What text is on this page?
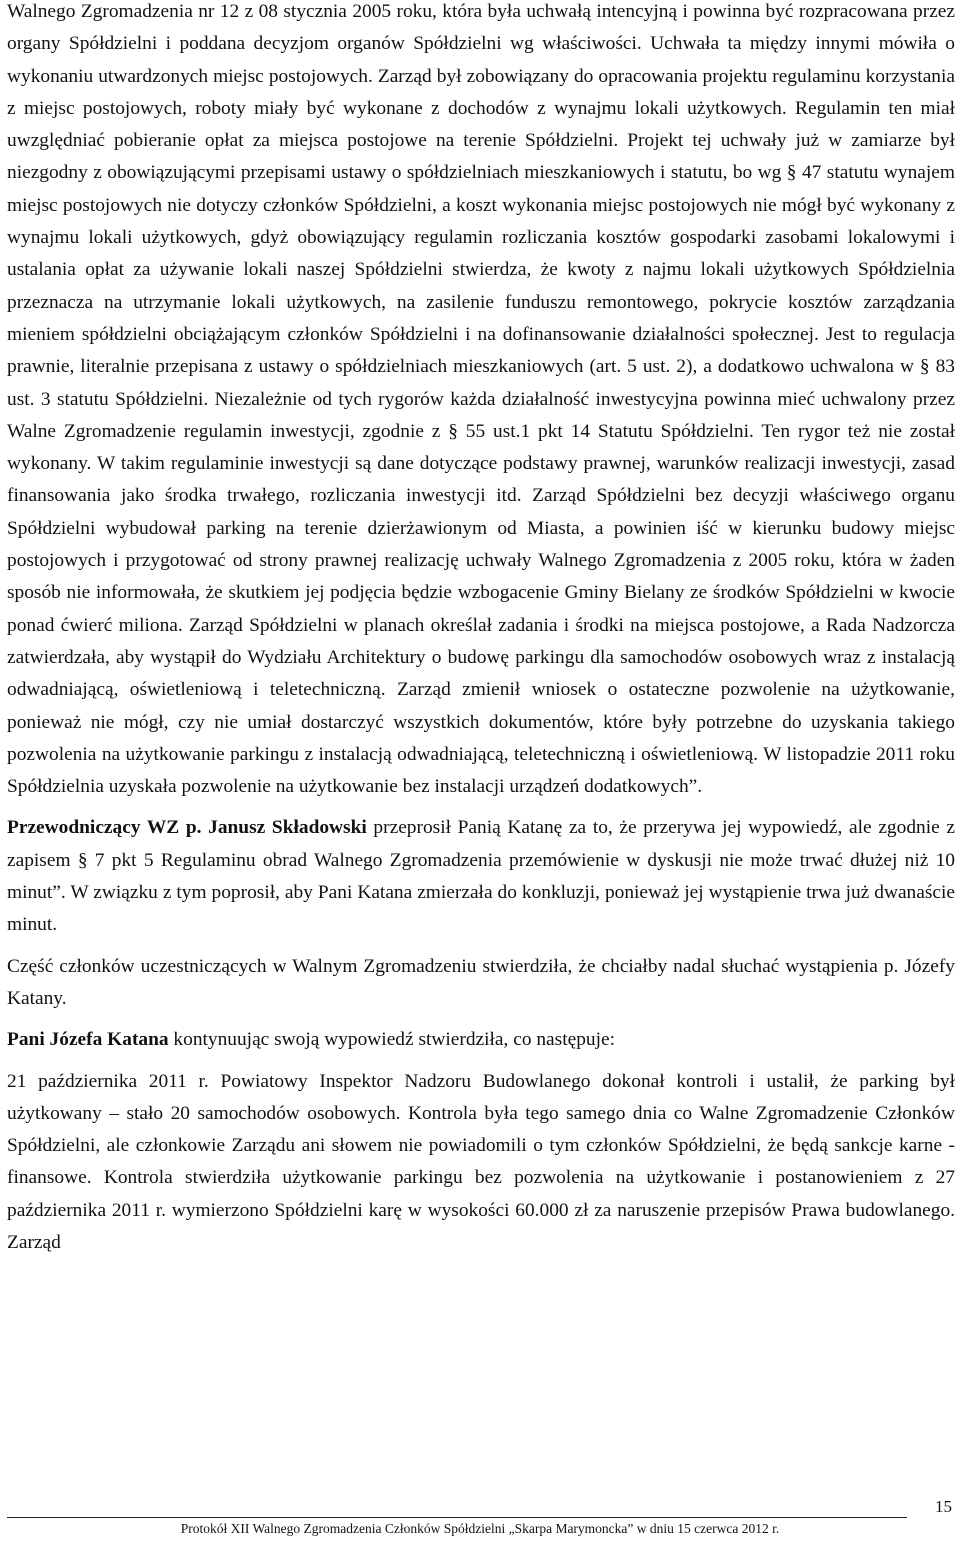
Walnego Zgromadzenia nr 12 z 08 stycznia 2005 roku, która była uchwałą intencyjną i powinna być rozpracowana przez organy Spółdzielni i poddana decyzjom organów Spółdzielni wg właściwości. Uchwała ta między innymi mówiła o wykonaniu utwardzonych miejsc postojowych. Zarząd był zobowiązany do opracowania projektu regulaminu korzystania z miejsc postojowych, roboty miały być wykonane z dochodów z wynajmu lokali użytkowych. Regulamin ten miał uwzględniać pobieranie opłat za miejsca postojowe na terenie Spółdzielni. Projekt tej uchwały już w zamiarze był niezgodny z obowiązującymi przepisami ustawy o spółdzielniach mieszkaniowych i statutu, bo wg § 47 statutu wynajem miejsc postojowych nie dotyczy członków Spółdzielni, a koszt wykonania miejsc postojowych nie mógł być wykonany z wynajmu lokali użytkowych, gdyż obowiązujący regulamin rozliczania kosztów gospodarki zasobami lokalowymi i ustalania opłat za używanie lokali naszej Spółdzielni stwierdza, że kwoty z najmu lokali użytkowych Spółdzielnia przeznacza na utrzymanie lokali użytkowych, na zasilenie funduszu remontowego, pokrycie kosztów zarządzania mieniem spółdzielni obciążającym członków Spółdzielni i na dofinansowanie działalności społecznej. Jest to regulacja prawnie, literalnie przepisana z ustawy o spółdzielniach mieszkaniowych (art. 5 ust. 2), a dodatkowo uchwalona w § 83 ust. 3 statutu Spółdzielni. Niezależnie od tych rygorów każda działalność inwestycyjna powinna mieć uchwalony przez Walne Zgromadzenie regulamin inwestycji, zgodnie z § 55 ust.1 pkt 14 Statutu Spółdzielni. Ten rygor też nie został wykonany. W takim regulaminie inwestycji są dane dotyczące podstawy prawnej, warunków realizacji inwestycji, zasad finansowania jako środka trwałego, rozliczania inwestycji itd. Zarząd Spółdzielni bez decyzji właściwego organu Spółdzielni wybudował parking na terenie dzierżawionym od Miasta, a powinien iść w kierunku budowy miejsc postojowych i przygotować od strony prawnej realizację uchwały Walnego Zgromadzenia z 2005 roku, która w żaden sposób nie informowała, że skutkiem jej podjęcia będzie wzbogacenie Gminy Bielany ze środków Spółdzielni w kwocie ponad ćwierć miliona. Zarząd Spółdzielni w planach określał zadania i środki na miejsca postojowe, a Rada Nadzorcza zatwierdzała, aby wystąpił do Wydziału Architektury o budowę parkingu dla samochodów osobowych wraz z instalacją odwadniającą, oświetleniową i teletechniczną. Zarząd zmienił wniosek o ostateczne pozwolenie na użytkowanie, ponieważ nie mógł, czy nie umiał dostarczyć wszystkich dokumentów, które były potrzebne do uzyskania takiego pozwolenia na użytkowanie parkingu z instalacją odwadniającą, teletechniczną i oświetleniową. W listopadzie 2011 roku Spółdzielnia uzyskała pozwolenie na użytkowanie bez instalacji urządzeń dodatkowych”.

Przewodniczący WZ p. Janusz Składowski przeprosił Panią Katanę za to, że przerywa jej wypowiedź, ale zgodnie z zapisem § 7 pkt 5 Regulaminu obrad Walnego Zgromadzenia przemówienie w dyskusji nie może trwać dłużej niż 10 minut”. W związku z tym poprosił, aby Pani Katana zmierzała do konkluzji, ponieważ jej wystąpienie trwa już dwanaście minut.

Część członków uczestniczących w Walnym Zgromadzeniu stwierdziła, że chciałby nadal słuchać wystąpienia p. Józefy Katany.

Pani Józefa Katana kontynuując swoją wypowiedź stwierdziła, co następuje:

21 października 2011 r. Powiatowy Inspektor Nadzoru Budowlanego dokonał kontroli i ustalił, że parking był użytkowany – stało 20 samochodów osobowych. Kontrola była tego samego dnia co Walne Zgromadzenie Członków Spółdzielni, ale członkowie Zarządu ani słowem nie powiadomili o tym członków Spółdzielni, że będą sankcje karne - finansowe. Kontrola stwierdziła użytkowanie parkingu bez pozwolenia na użytkowanie i postanowieniem z 27 października 2011 r. wymierzono Spółdzielni karę w wysokości 60.000 zł za naruszenie przepisów Prawa budowlanego. Zarząd

15
Protokół XII Walnego Zgromadzenia Członków Spółdzielni „Skarpa Marymoncka” w dniu 15 czerwca 2012 r.
